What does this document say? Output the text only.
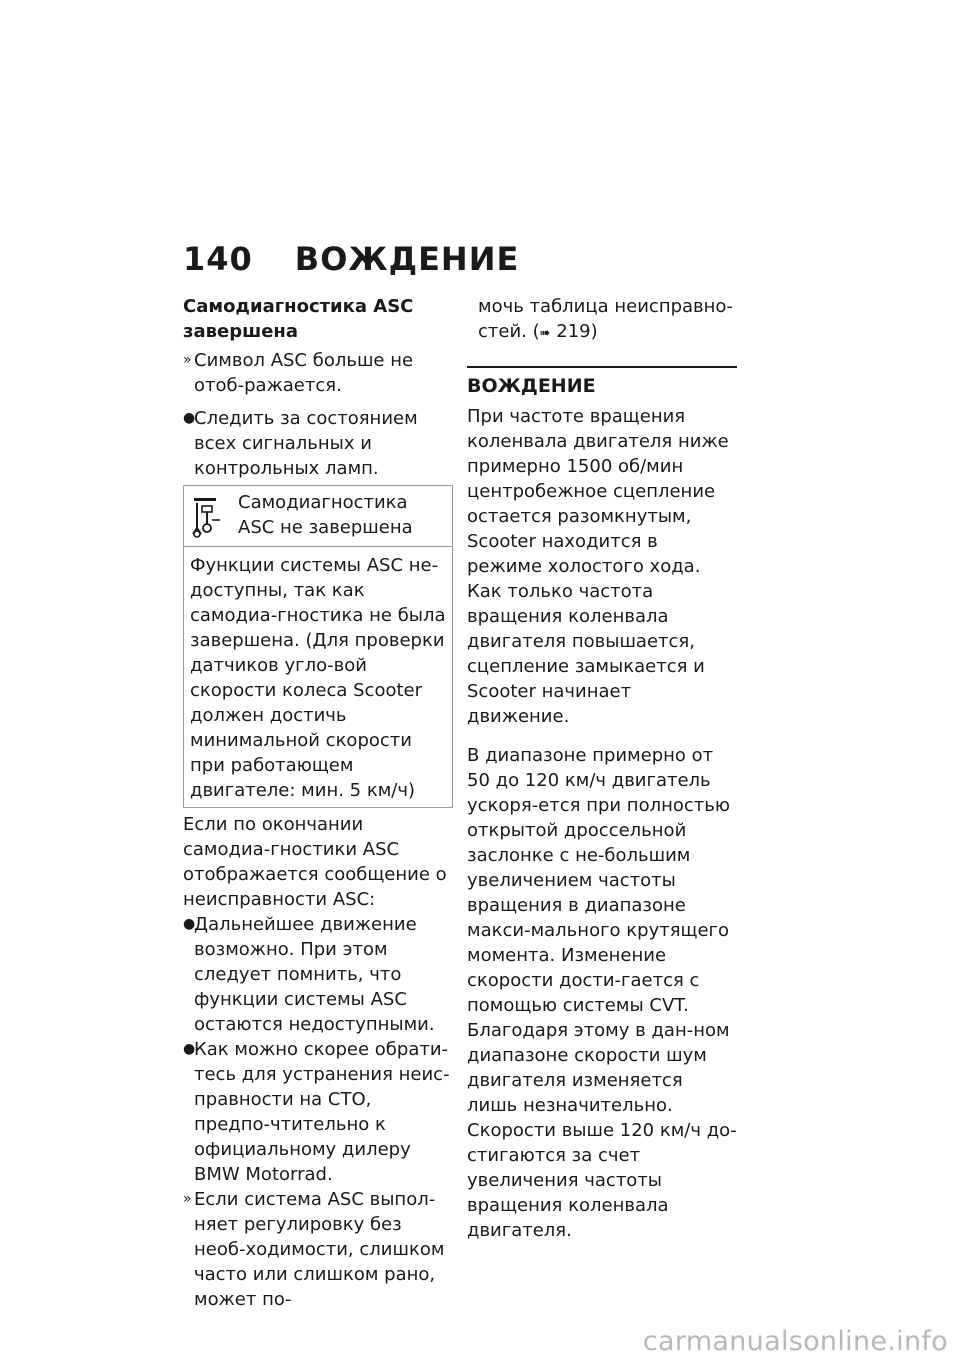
140 ВОЖДЕНИЕ

Самодиагностика ASC завершена

» Символ ASC больше не отоб-ражается.

●
Следить за состоянием всех сигнальных и контрольных ламп.

Самодиагностика ASC не завершена
Функции системы ASC не-доступны, так как самодиа-гностика не была завершена. (Для проверки датчиков угло-вой скорости колеса Scooter должен достичь минимальной скорости при работающем двигателе: мин. 5 км/ч)

Если по окончании самодиа-гностики ASC отображается сообщение о неисправности ASC:

●
Дальнейшее движение возможно. При этом следует помнить, что функции системы ASC остаются недоступными.

●
Как можно скорее обрати-тесь для устранения неис-правности на СТО, предпо-чтительно к официальному дилеру BMW Motorrad.

» Если система ASC выпол-няет регулировку без необ-ходимости, слишком часто или слишком рано, может по-

мочь таблица неисправно-стей. (➠ 219)

ВОЖДЕНИЕ

При частоте вращения коленвала двигателя ниже примерно 1500 об/мин центробежное сцепление остается разомкнутым, Scooter находится в режиме холостого хода. Как только частота вращения коленвала двигателя повышается, сцепление замыкается и Scooter начинает движение.

В диапазоне примерно от 50 до 120 км/ч двигатель ускоря-ется при полностью открытой дроссельной заслонке с не-большим увеличением частоты вращения в диапазоне макси-мального крутящего момента. Изменение скорости дости-гается с помощью системы CVT. Благодаря этому в дан-ном диапазоне скорости шум двигателя изменяется лишь незначительно.

Скорости выше 120 км/ч до-стигаются за счет увеличения частоты вращения коленвала двигателя.

carmanualsonline.info
